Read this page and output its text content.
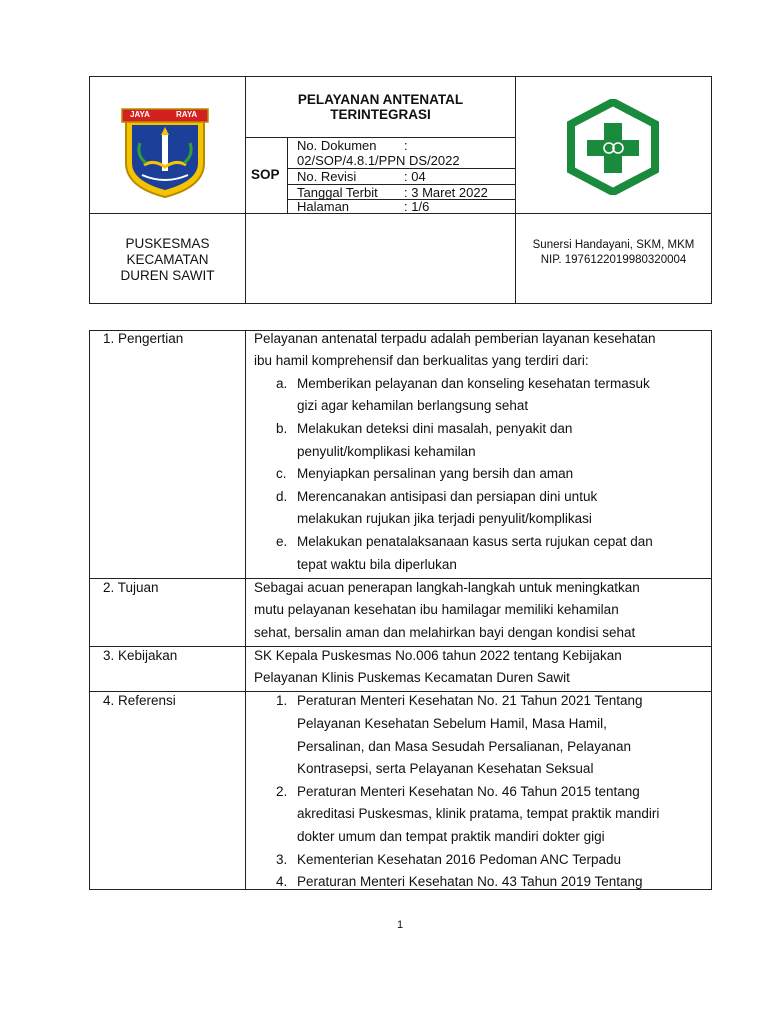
JAYA	RAYA
PELAYANAN ANTENATAL
TERINTEGRASI
SOP
No. Dokumen :
02/SOP/4.8.1/PPN DS/2022
No. Revisi	: 04
Tanggal Terbit : 3 Maret 2022
Halaman	: 1/6
PUSKESMAS
KECAMATAN
DUREN SAWIT
Sunersi Handayani, SKM, MKM
NIP. 1976122019980320004
1. Pengertian	Pelayanan antenatal terpadu adalah pemberian layanan kesehatan
ibu hamil komprehensif dan berkualitas yang terdiri dari:
a. Memberikan pelayanan dan konseling kesehatan termasuk
gizi agar kehamilan berlangsung sehat
b. Melakukan deteksi dini masalah, penyakit dan
penyulit/komplikasi kehamilan
c. Menyiapkan persalinan yang bersih dan aman
d. Merencanakan antisipasi dan persiapan dini untuk
melakukan rujukan jika terjadi penyulit/komplikasi
e. Melakukan penatalaksanaan kasus serta rujukan cepat dan
tepat waktu bila diperlukan
2. Tujuan	Sebagai acuan penerapan langkah-langkah untuk meningkatkan
mutu pelayanan kesehatan ibu hamilagar memiliki kehamilan
sehat, bersalin aman dan melahirkan bayi dengan kondisi sehat
3. Kebijakan	SK Kepala Puskesmas No.006 tahun 2022 tentang Kebijakan
Pelayanan Klinis Puskemas Kecamatan Duren Sawit
4. Referensi	1. Peraturan Menteri Kesehatan No. 21 Tahun 2021 Tentang
Pelayanan Kesehatan Sebelum Hamil, Masa Hamil,
Persalinan, dan Masa Sesudah Persalianan, Pelayanan
Kontrasepsi, serta Pelayanan Kesehatan Seksual
2. Peraturan Menteri Kesehatan No. 46 Tahun 2015 tentang
akreditasi Puskesmas, klinik pratama, tempat praktik mandiri
dokter umum dan tempat praktik mandiri dokter gigi
3. Kementerian Kesehatan 2016 Pedoman ANC Terpadu
4. Peraturan Menteri Kesehatan No. 43 Tahun 2019 Tentang
1
